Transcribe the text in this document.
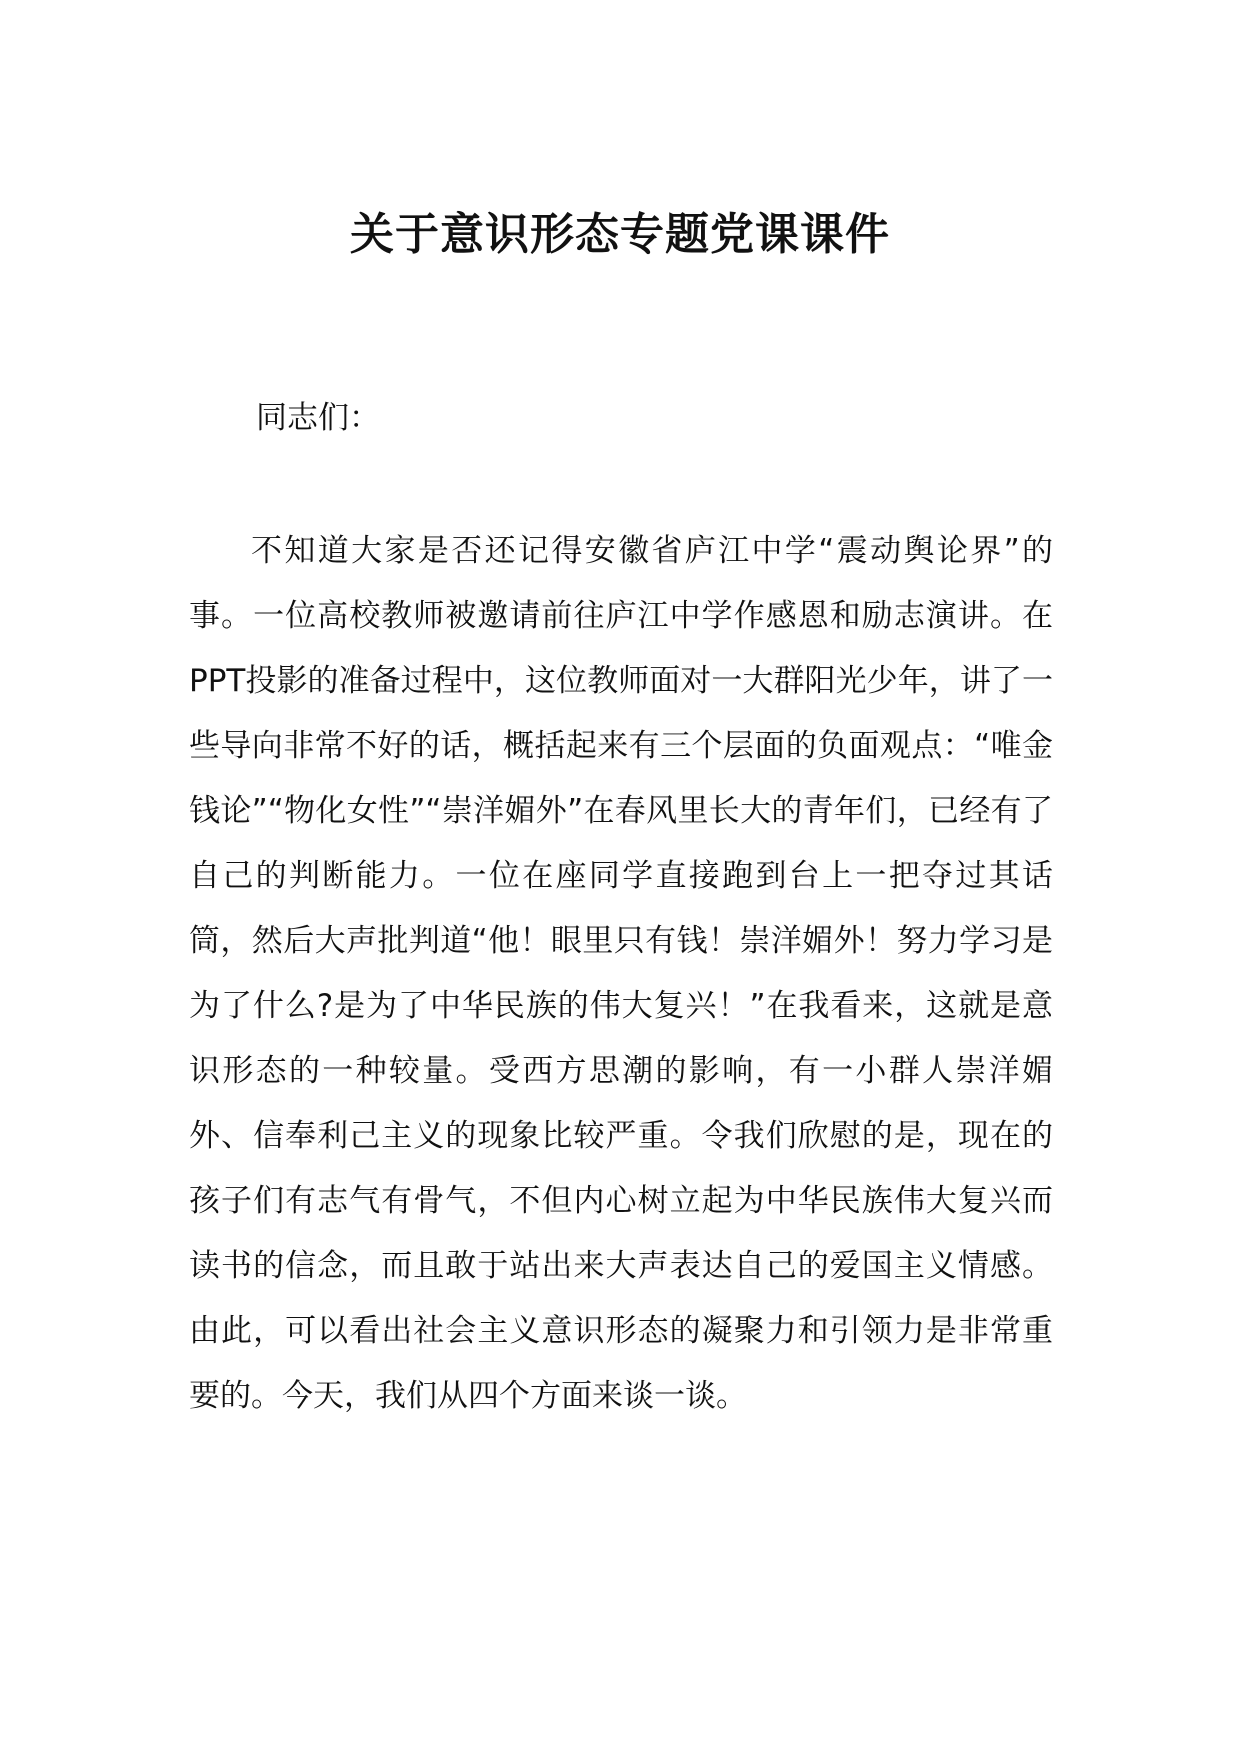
关于意识形态专题党课课件

同志们：

不知道大家是否还记得安徽省庐江中学“震动舆论界”的事。一位高校教师被邀请前往庐江中学作感恩和励志演讲。在PPT投影的准备过程中，这位教师面对一大群阳光少年，讲了一些导向非常不好的话，概括起来有三个层面的负面观点：“唯金钱论”“物化女性”“崇洋媚外”在春风里长大的青年们，已经有了自己的判断能力。一位在座同学直接跑到台上一把夺过其话筒，然后大声批判道“他！眼里只有钱！崇洋媚外！努力学习是为了什么?是为了中华民族的伟大复兴！”在我看来，这就是意识形态的一种较量。受西方思潮的影响，有一小群人崇洋媚外、信奉利己主义的现象比较严重。令我们欣慰的是，现在的孩子们有志气有骨气，不但内心树立起为中华民族伟大复兴而读书的信念，而且敢于站出来大声表达自己的爱国主义情感。由此，可以看出社会主义意识形态的凝聚力和引领力是非常重要的。今天，我们从四个方面来谈一谈。
